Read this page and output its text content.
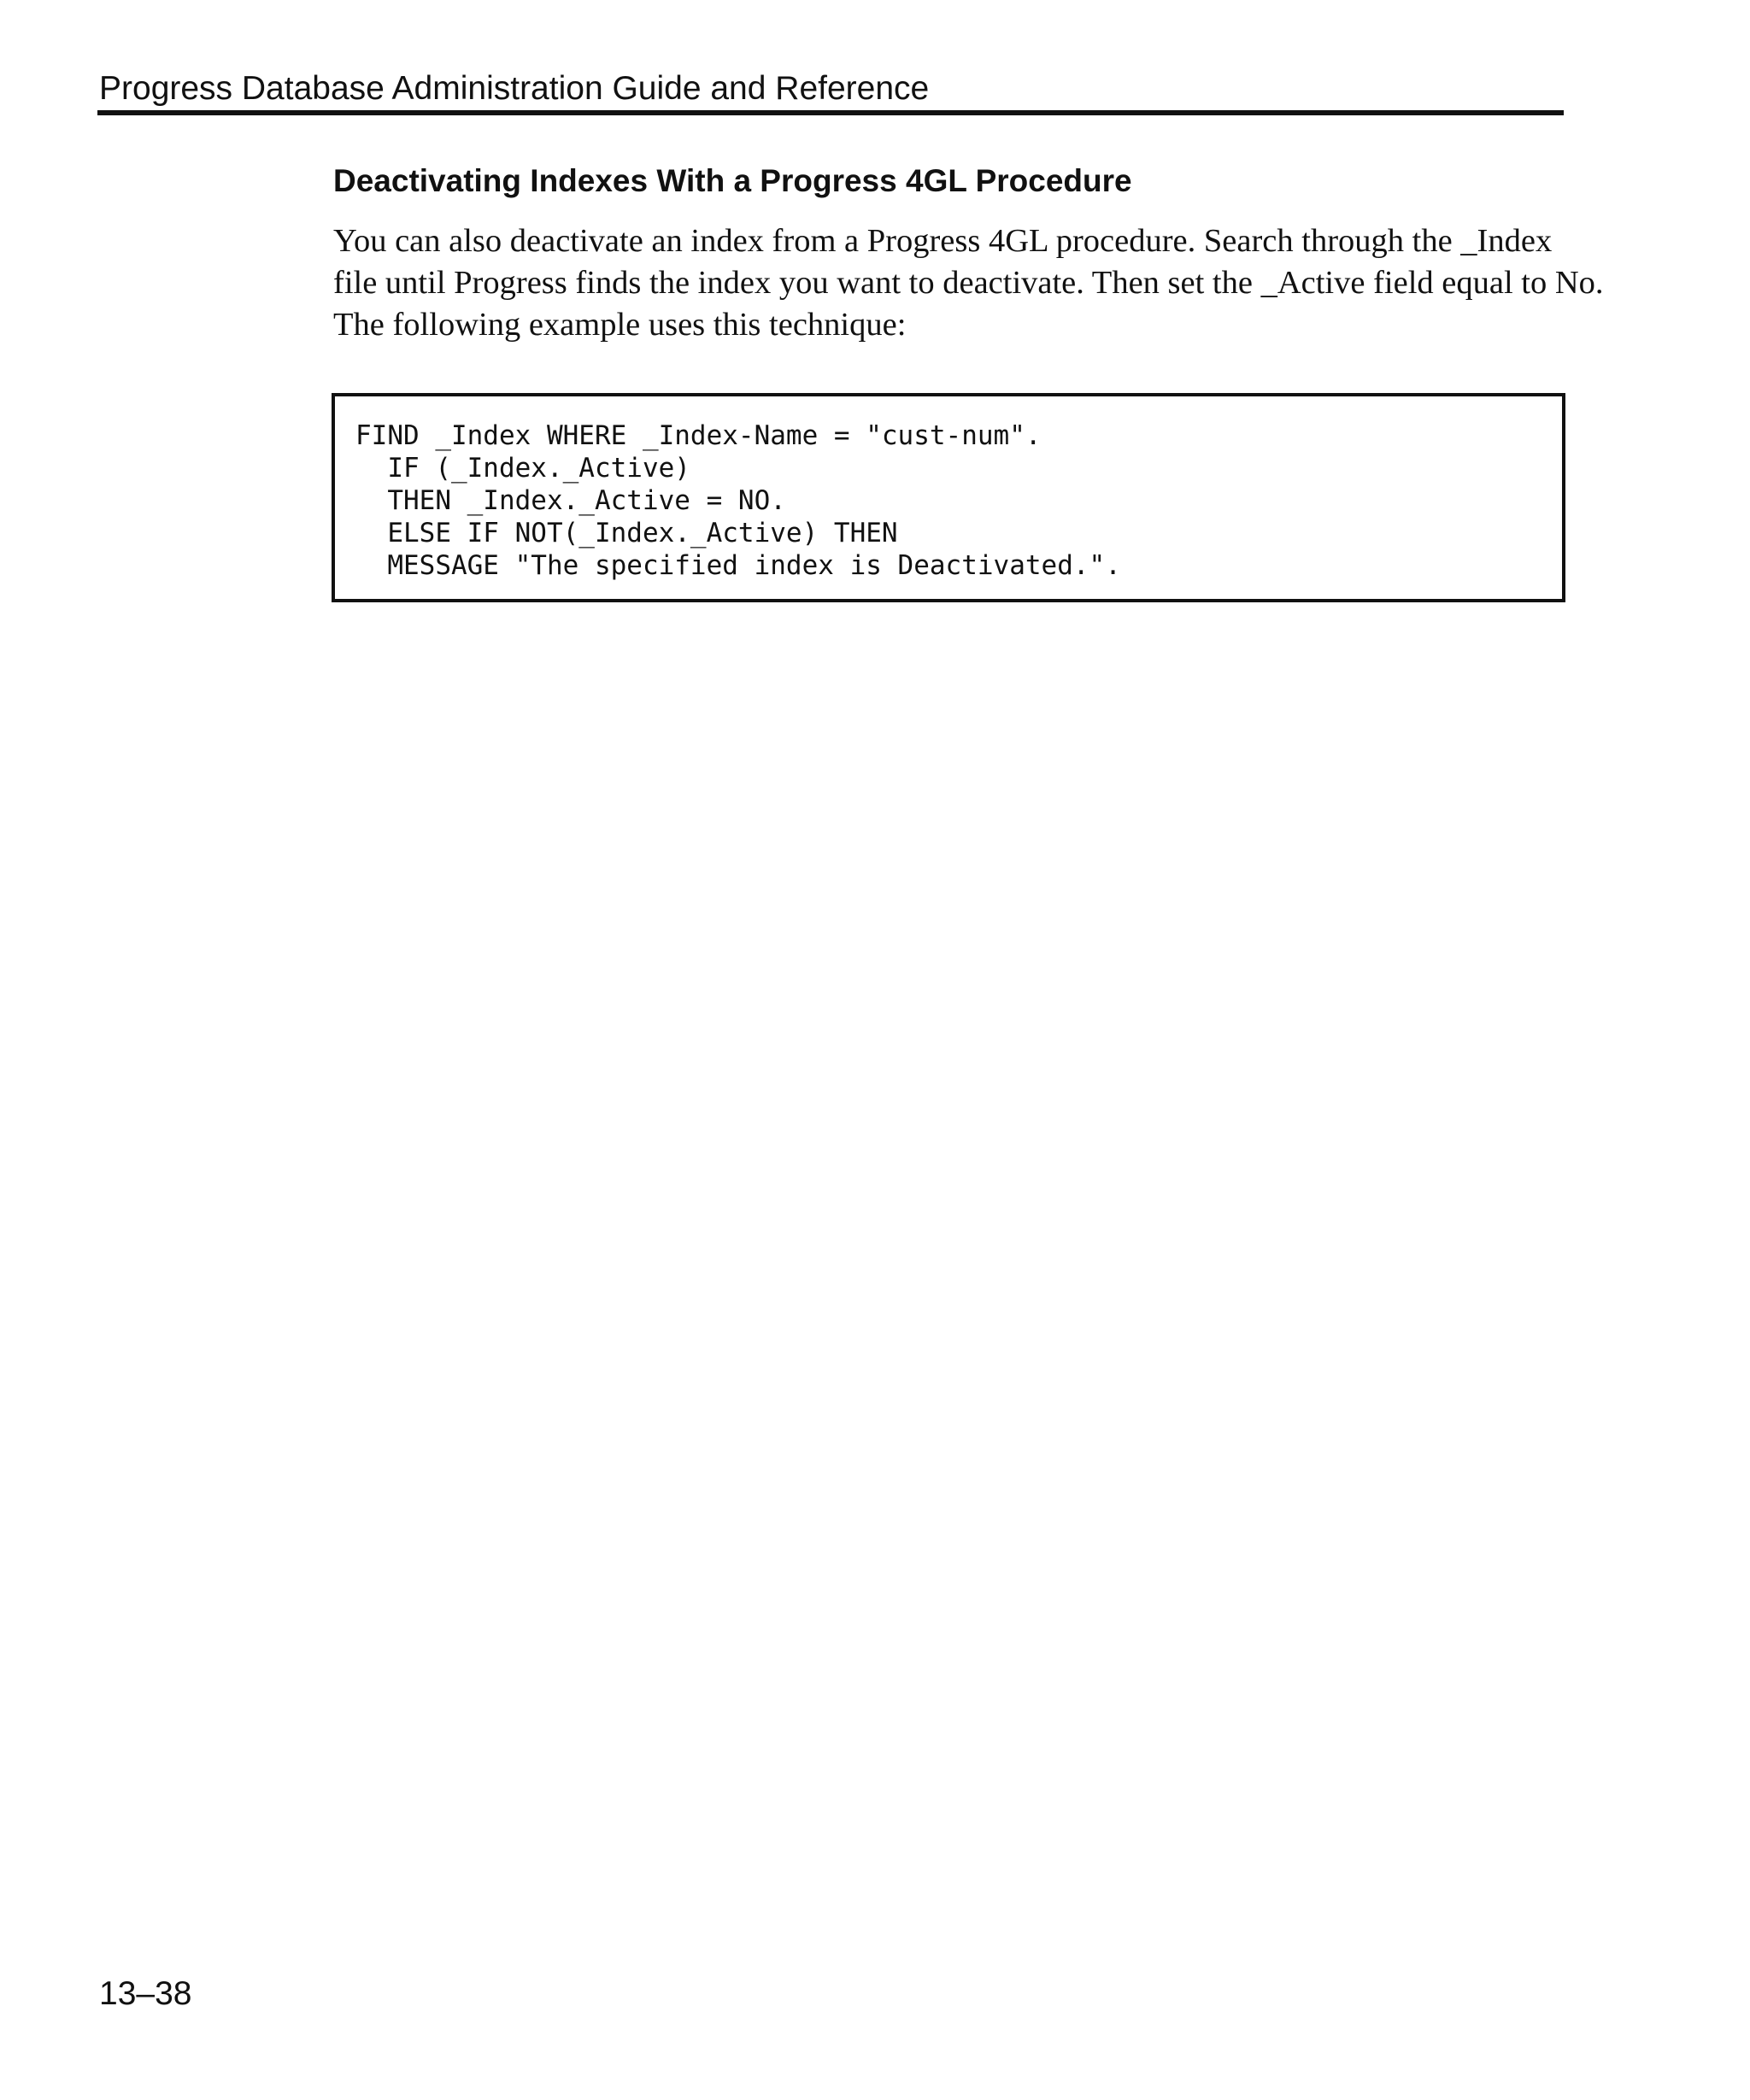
Progress Database Administration Guide and Reference
Deactivating Indexes With a Progress 4GL Procedure

You can also deactivate an index from a Progress 4GL procedure. Search through the _Index
file until Progress finds the index you want to deactivate. Then set the _Active field equal to No.
The following example uses this technique:

FIND _Index WHERE _Index-Name = "cust-num".
IF (_Index._Active)
THEN _Index._Active = NO.
ELSE IF NOT(_Index._Active) THEN
MESSAGE "The specified index is Deactivated.".
13–38
